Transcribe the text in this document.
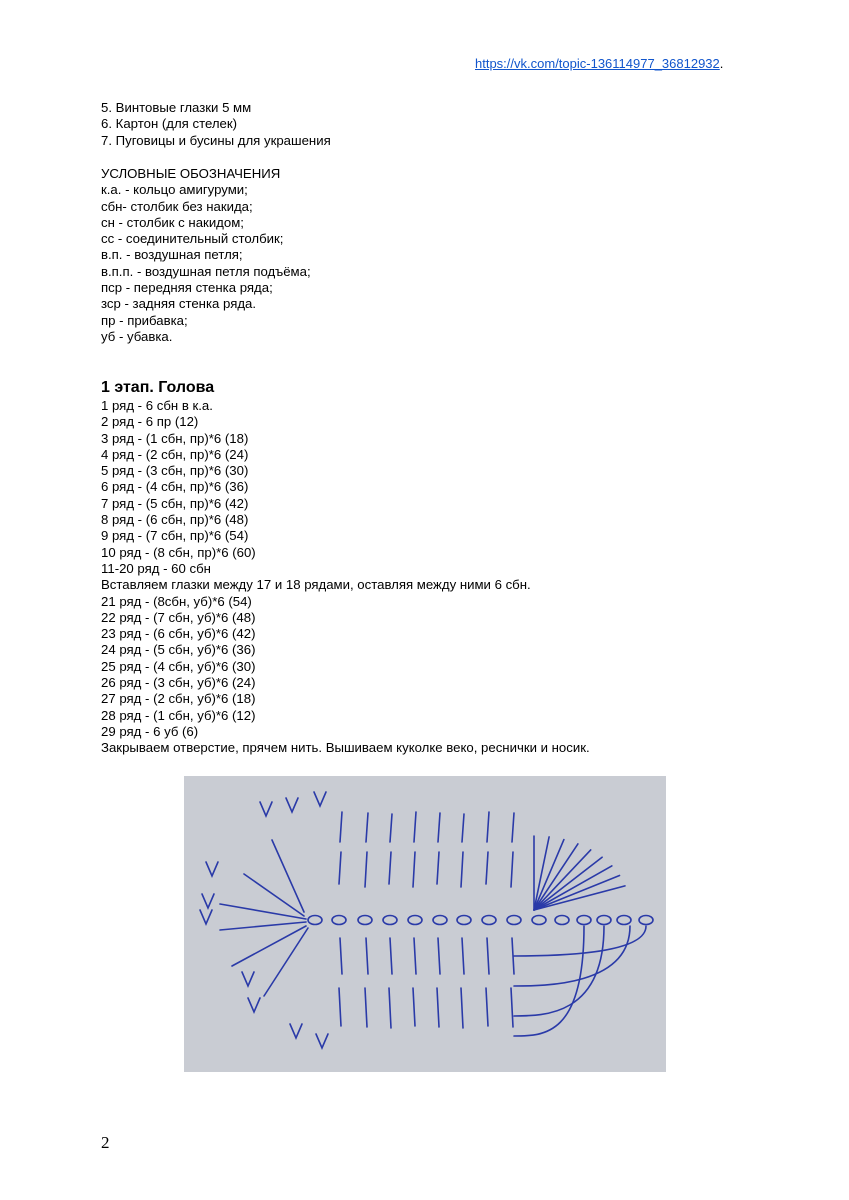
https://vk.com/topic-136114977_36812932.
5. Винтовые глазки 5 мм
6. Картон (для стелек)
7. Пуговицы и бусины для украшения
УСЛОВНЫЕ ОБОЗНАЧЕНИЯ
к.а. - кольцо амигуруми;
сбн- столбик без накида;
сн - столбик с накидом;
сс - соединительный столбик;
в.п. - воздушная петля;
в.п.п. - воздушная петля подъёма;
пср - передняя стенка ряда;
зср - задняя стенка ряда.
пр - прибавка;
уб - убавка.
1 этап. Голова
1 ряд - 6 сбн в к.а.
2 ряд - 6 пр (12)
3 ряд - (1 сбн, пр)*6 (18)
4 ряд - (2 сбн, пр)*6 (24)
5 ряд - (3 сбн, пр)*6 (30)
6 ряд - (4 сбн, пр)*6 (36)
7 ряд - (5 сбн, пр)*6 (42)
8 ряд - (6 сбн, пр)*6 (48)
9 ряд - (7 сбн, пр)*6 (54)
10 ряд - (8 сбн, пр)*6 (60)
11-20 ряд - 60 сбн
Вставляем глазки между 17 и 18 рядами, оставляя между ними 6 сбн.
21 ряд - (8сбн, уб)*6 (54)
22 ряд - (7 сбн, уб)*6 (48)
23 ряд - (6 сбн, уб)*6 (42)
24 ряд - (5 сбн, уб)*6 (36)
25 ряд - (4 сбн, уб)*6 (30)
26 ряд - (3 сбн, уб)*6 (24)
27 ряд - (2 сбн, уб)*6 (18)
28 ряд - (1 сбн, уб)*6 (12)
29 ряд - 6 уб (6)
Закрываем отверстие, прячем нить. Вышиваем куколке веко, реснички и носик.
2
